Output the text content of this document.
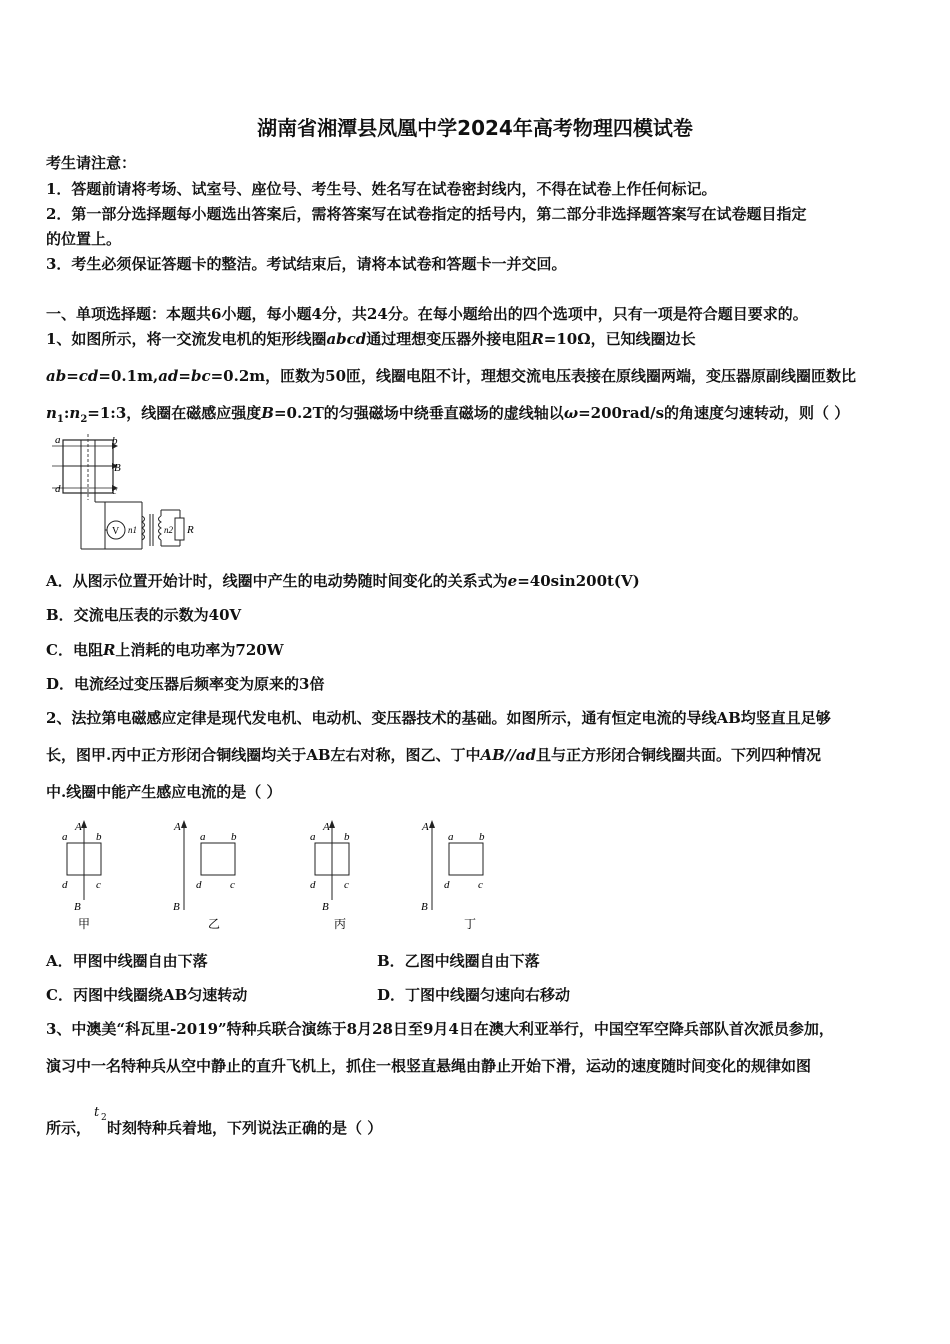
湖南省湘潭县凤凰中学2024年高考物理四模试卷
考生请注意：
1．答题前请将考场、试室号、座位号、考生号、姓名写在试卷密封线内，不得在试卷上作任何标记。
2．第一部分选择题每小题选出答案后，需将答案写在试卷指定的括号内，第二部分非选择题答案写在试卷题目指定
的位置上。
3．考生必须保证答题卡的整洁。考试结束后，请将本试卷和答题卡一并交回。
一、单项选择题：本题共6小题，每小题4分，共24分。在每小题给出的四个选项中，只有一项是符合题目要求的。
1、如图所示，将一交流发电机的矩形线圈abcd通过理想变压器外接电阻R=10Ω，已知线圈边长
ab=cd=0.1m,ad=bc=0.2m，匝数为50匝，线圈电阻不计，理想交流电压表接在原线圈两端，变压器原副线圈匝数比
$n_1:n_2=1:3$，线圈在磁感应强度B=0.2T的匀强磁场中绕垂直磁场的虚线轴以ω=200rad/s的角速度匀速转动，则（ ）
a	b
B
d	c
V n1	n2 R
A．从图示位置开始计时，线圈中产生的电动势随时间变化的关系式为e=40sin200t(V)
B．交流电压表的示数为40V
C．电阻R上消耗的电功率为720W
D．电流经过变压器后频率变为原来的3倍
2、法拉第电磁感应定律是现代发电机、电动机、变压器技术的基础。如图所示，通有恒定电流的导线AB均竖直且足够
长，图甲.丙中正方形闭合铜线圈均关于AB左右对称，图乙、丁中AB//ad且与正方形闭合铜线圈共面。下列四种情况
中.线圈中能产生感应电流的是（ ）
A
a	b
d	c
B
甲
A
a b
d	c
B
乙
A
a	b
d	c
B
丙
A
a b
d	c
B
丁
A．甲图中线圈自由下落	B．乙图中线圈自由下落
C．丙图中线圈绕AB匀速转动	D．丁图中线圈匀速向右移动
3、中澳美“科瓦里-2019”特种兵联合演练于8月28日至9月4日在澳大利亚举行，中国空军空降兵部队首次派员参加，
演习中一名特种兵从空中静止的直升飞机上，抓住一根竖直悬绳由静止开始下滑，运动的速度随时间变化的规律如图
所示，
t 2
时刻特种兵着地，下列说法正确的是（ ）
